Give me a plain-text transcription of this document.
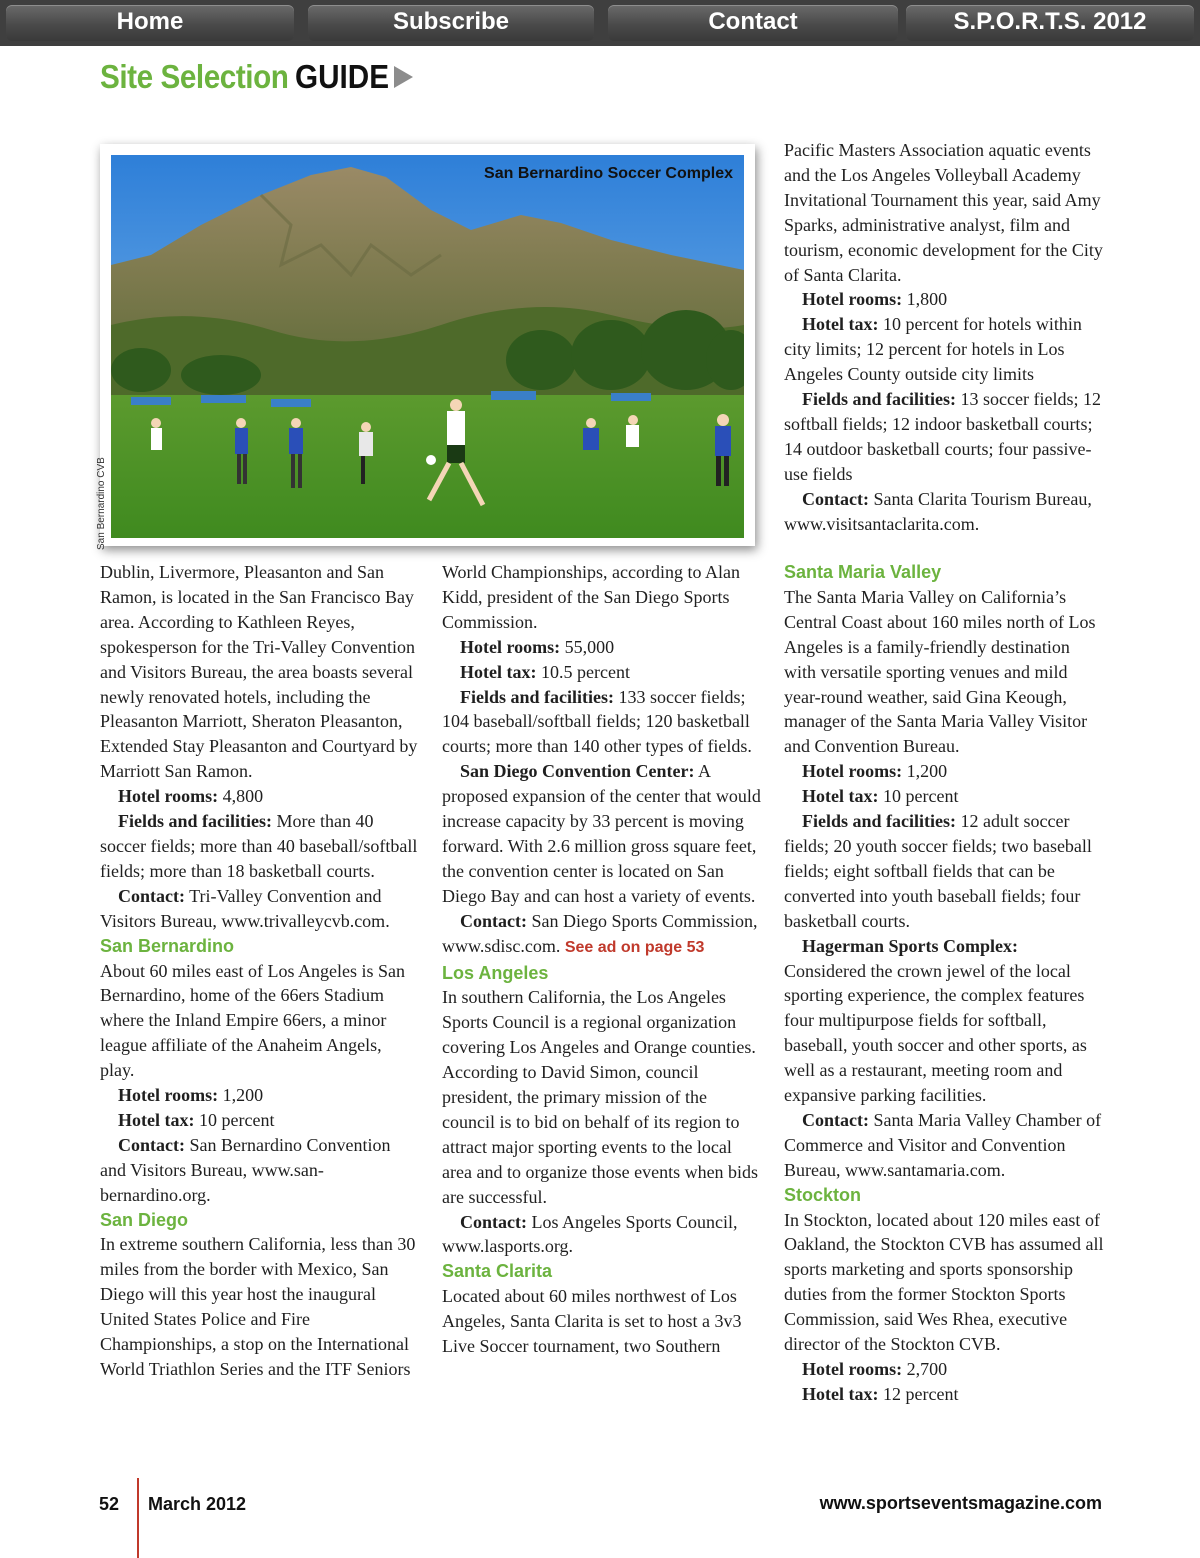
Home	Subscribe	Contact	S.P.O.R.T.S. 2012
Site Selection GUIDE
San Bernardino Soccer Complex
San Bernardino CVB

Pacific Masters Association aquatic events and the Los Angeles Volleyball Academy Invitational Tournament this year, said Amy Sparks, administrative analyst, film and tourism, economic development for the City of Santa Clarita.

Hotel rooms: 1,800

Hotel tax: 10 percent for hotels within city limits; 12 percent for hotels in Los Angeles County outside city limits

Fields and facilities: 13 soccer fields; 12 softball fields; 12 indoor basketball courts; 14 outdoor basketball courts; four passive-use fields

Contact: Santa Clarita Tourism Bureau, www.visitsantaclarita.com.

Dublin, Livermore, Pleasanton and San Ramon, is located in the San Francisco Bay area. According to Kathleen Reyes, spokesperson for the Tri-Valley Convention and Visitors Bureau, the area boasts several newly renovated hotels, including the Pleasanton Marriott, Sheraton Pleasanton, Extended Stay Pleasanton and Courtyard by Marriott San Ramon.

Hotel rooms: 4,800

Fields and facilities: More than 40 soccer fields; more than 40 baseball/softball fields; more than 18 basketball courts.

Contact: Tri-Valley Convention and Visitors Bureau, www.trivalleycvb.com.

San Bernardino

About 60 miles east of Los Angeles is San Bernardino, home of the 66ers Stadium where the Inland Empire 66ers, a minor league affiliate of the Anaheim Angels, play.

Hotel rooms: 1,200

Hotel tax: 10 percent

Contact: San Bernardino Convention and Visitors Bureau, www.san-bernardino.org.

San Diego

In extreme southern California, less than 30 miles from the border with Mexico, San Diego will this year host the inaugural United States Police and Fire Championships, a stop on the International World Triathlon Series and the ITF Seniors

World Championships, according to Alan Kidd, president of the San Diego Sports Commission.

Hotel rooms: 55,000

Hotel tax: 10.5 percent

Fields and facilities: 133 soccer fields; 104 baseball/softball fields; 120 basketball courts; more than 140 other types of fields.

San Diego Convention Center: A proposed expansion of the center that would increase capacity by 33 percent is moving forward. With 2.6 million gross square feet, the convention center is located on San Diego Bay and can host a variety of events.

Contact: San Diego Sports Commission, www.sdisc.com. See ad on page 53

Los Angeles

In southern California, the Los Angeles Sports Council is a regional organization covering Los Angeles and Orange counties. According to David Simon, council president, the primary mission of the council is to bid on behalf of its region to attract major sporting events to the local area and to organize those events when bids are successful.

Contact: Los Angeles Sports Council, www.lasports.org.

Santa Clarita

Located about 60 miles northwest of Los Angeles, Santa Clarita is set to host a 3v3 Live Soccer tournament, two Southern

Santa Maria Valley

The Santa Maria Valley on California’s Central Coast about 160 miles north of Los Angeles is a family-friendly destination with versatile sporting venues and mild year-round weather, said Gina Keough, manager of the Santa Maria Valley Visitor and Convention Bureau.

Hotel rooms: 1,200

Hotel tax: 10 percent

Fields and facilities: 12 adult soccer fields; 20 youth soccer fields; two baseball fields; eight softball fields that can be converted into youth baseball fields; four basketball courts.

Hagerman Sports Complex: Considered the crown jewel of the local sporting experience, the complex features four multipurpose fields for softball, baseball, youth soccer and other sports, as well as a restaurant, meeting room and expansive parking facilities.

Contact: Santa Maria Valley Chamber of Commerce and Visitor and Convention Bureau, www.santamaria.com.

Stockton

In Stockton, located about 120 miles east of Oakland, the Stockton CVB has assumed all sports marketing and sports sponsorship duties from the former Stockton Sports Commission, said Wes Rhea, executive director of the Stockton CVB.

Hotel rooms: 2,700

Hotel tax: 12 percent

52 March 2012	www.sportseventsmagazine.com
